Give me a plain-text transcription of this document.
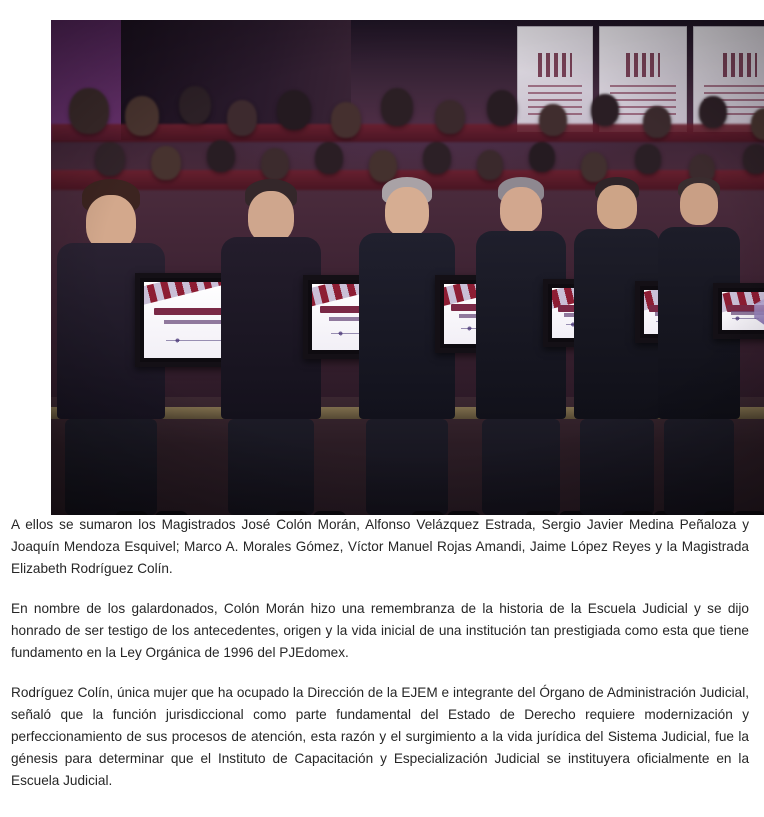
A ellos se sumaron los Magistrados José Colón Morán, Alfonso Velázquez Estrada, Sergio Javier Medina Peñaloza y Joaquín Mendoza Esquivel; Marco A. Morales Gómez, Víctor Manuel Rojas Amandi, Jaime López Reyes y la Magistrada Elizabeth Rodríguez Colín.

En nombre de los galardonados, Colón Morán hizo una remembranza de la historia de la Escuela Judicial y se dijo honrado de ser testigo de los antecedentes, origen y la vida inicial de una institución tan prestigiada como esta que tiene fundamento en la Ley Orgánica de 1996 del PJEdomex.

Rodríguez Colín, única mujer que ha ocupado la Dirección de la EJEM e integrante del Órgano de Administración Judicial, señaló que la función jurisdiccional como parte fundamental del Estado de Derecho requiere modernización y perfeccionamiento de sus procesos de atención, esta razón y el surgimiento a la vida jurídica del Sistema Judicial, fue la génesis para determinar que el Instituto de Capacitación y Especialización Judicial se instituyera oficialmente en la Escuela Judicial.
